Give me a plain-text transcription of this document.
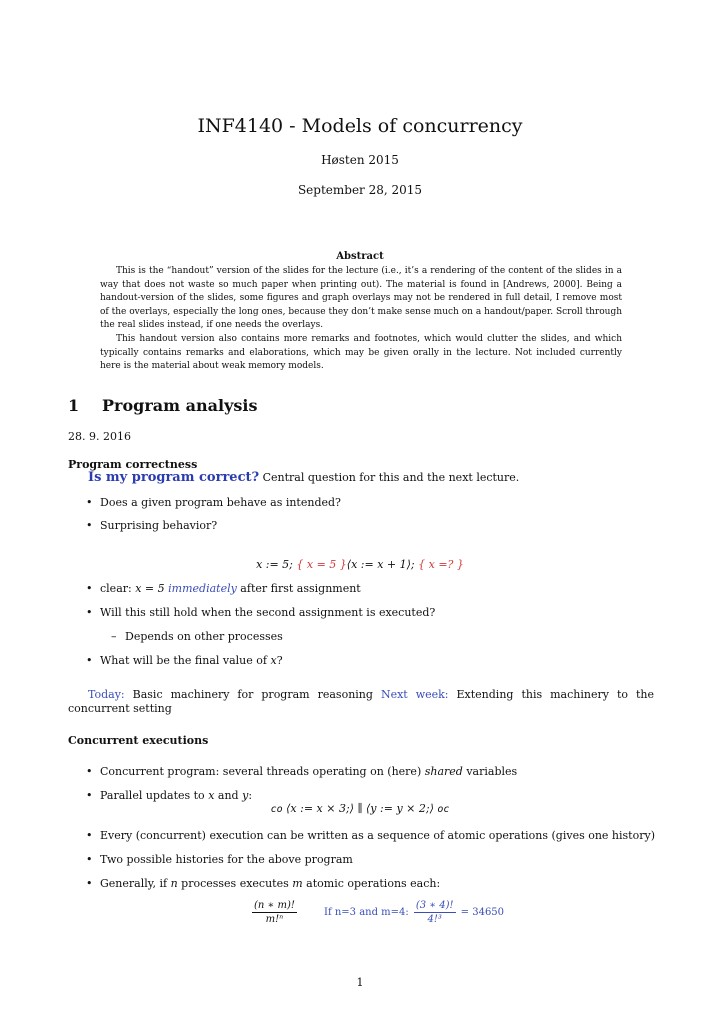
INF4140 - Models of concurrency
Høsten 2015
September 28, 2015
Abstract

This is the “handout” version of the slides for the lecture (i.e., it’s a rendering of the content of the slides in a way that does not waste so much paper when printing out). The material is found in [Andrews, 2000]. Being a handout-version of the slides, some figures and graph overlays may not be rendered in full detail, I remove most of the overlays, especially the long ones, because they don’t make sense much on a handout/paper. Scroll through the real slides instead, if one needs the overlays.

This handout version also contains more remarks and footnotes, which would clutter the slides, and which typically contains remarks and elaborations, which may be given orally in the lecture. Not included currently here is the material about weak memory models.

1 Program analysis
28. 9. 2016
Program correctness
Is my program correct? Central question for this and the next lecture.
• Does a given program behave as intended?
• Surprising behavior?
x := 5; { x = 5 }⟨x := x + 1⟩; { x =? }
• clear: x = 5 immediately after first assignment
• Will this still hold when the second assignment is executed?
– Depends on other processes
• What will be the final value of x?
Today: Basic machinery for program reasoning Next week: Extending this machinery to the concurrent setting
Concurrent executions
• Concurrent program: several threads operating on (here) shared variables
• Parallel updates to x and y:
co ⟨x := x × 3;⟩ ∥ ⟨y := y × 2;⟩ oc
• Every (concurrent) execution can be written as a sequence of atomic operations (gives one history)
• Two possible histories for the above program
• Generally, if n processes executes m atomic operations each:
$\frac{(n ∗ m)!}{\text{m!ⁿ}}$	If n=3 and m=4: $\frac{(3 ∗ 4)!}{\text{4!³}} = 34650$
1
